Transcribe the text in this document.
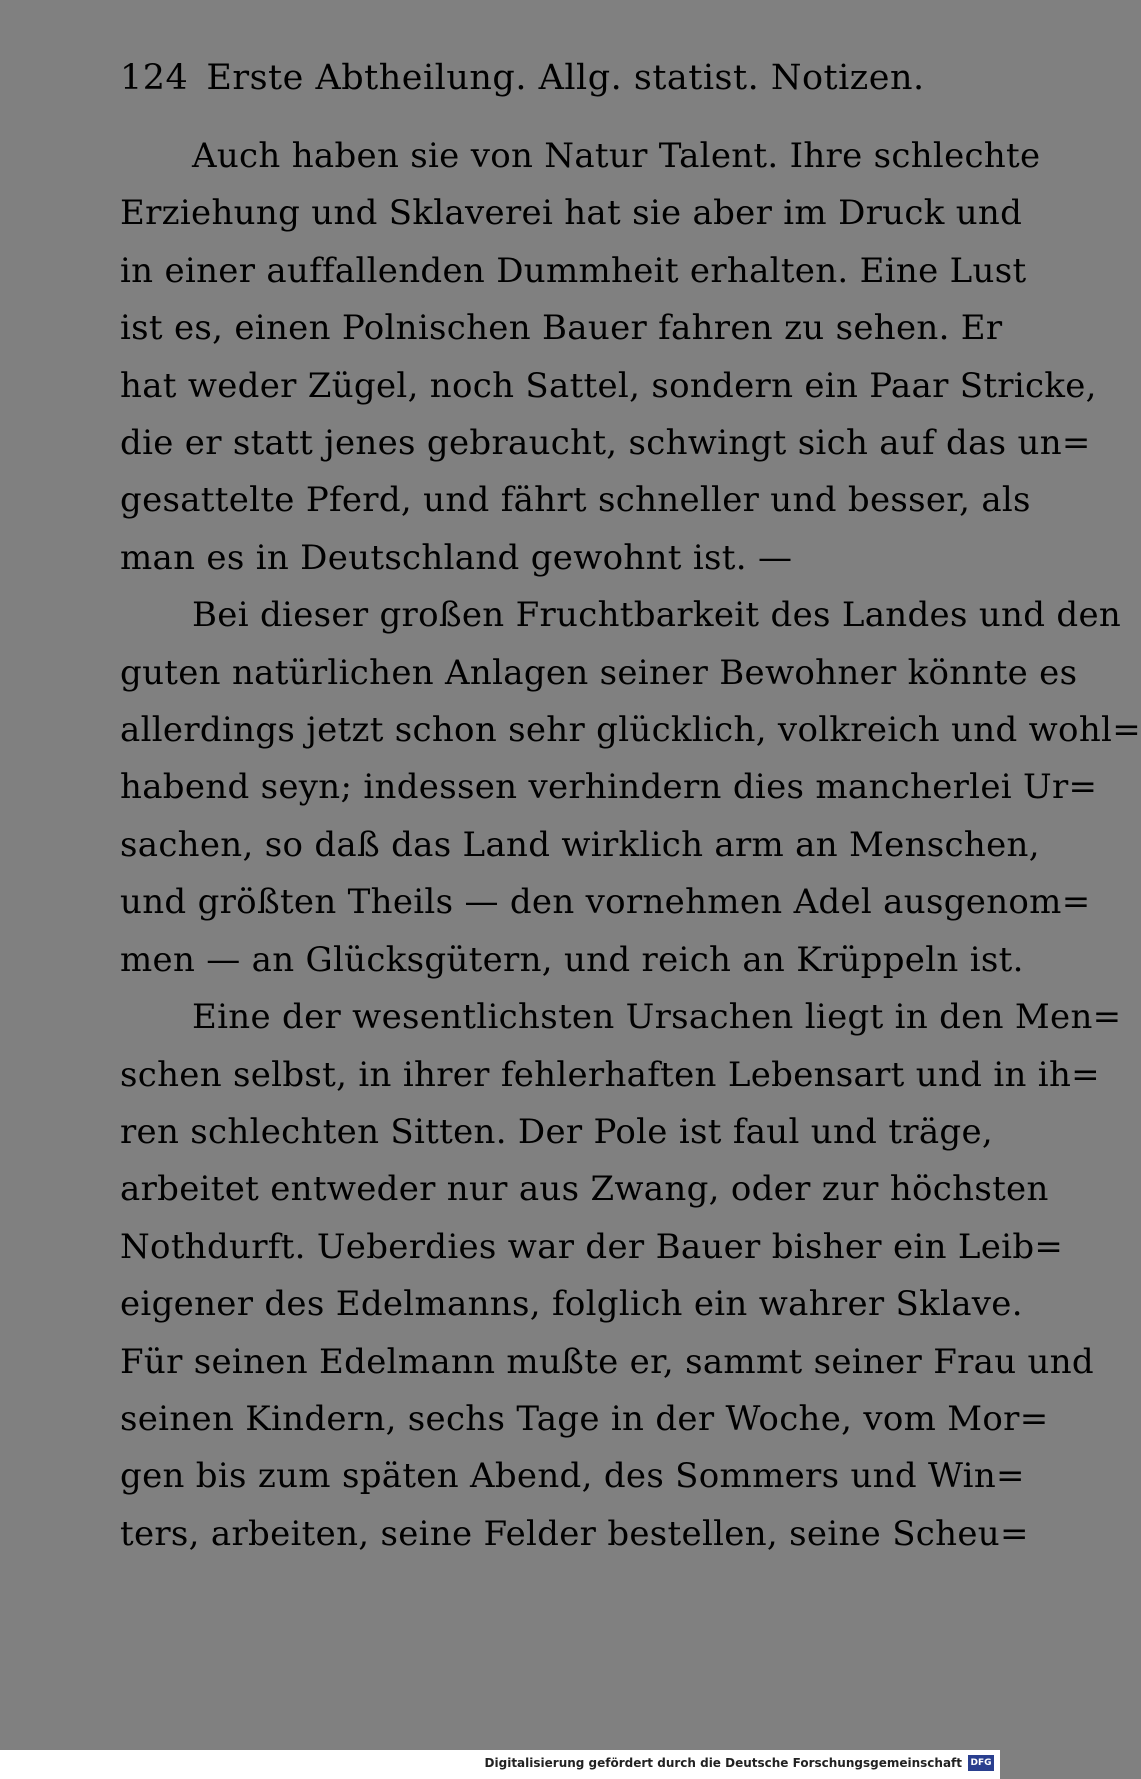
124 Erste Abtheilung. Allg. statist. Notizen.
Auch haben sie von Natur Talent. Ihre schlechte
Erziehung und Sklaverei hat sie aber im Druck und
in einer auffallenden Dummheit erhalten. Eine Lust
ist es, einen Polnischen Bauer fahren zu sehen. Er
hat weder Zügel, noch Sattel, sondern ein Paar Stricke,
die er statt jenes gebraucht, schwingt sich auf das un=
gesattelte Pferd, und fährt schneller und besser, als
man es in Deutschland gewohnt ist. —
Bei dieser großen Fruchtbarkeit des Landes und den
guten natürlichen Anlagen seiner Bewohner könnte es
allerdings jetzt schon sehr glücklich, volkreich und wohl=
habend seyn; indessen verhindern dies mancherlei Ur=
sachen, so daß das Land wirklich arm an Menschen,
und größten Theils — den vornehmen Adel ausgenom=
men — an Glücksgütern, und reich an Krüppeln ist.
Eine der wesentlichsten Ursachen liegt in den Men=
schen selbst, in ihrer fehlerhaften Lebensart und in ih=
ren schlechten Sitten. Der Pole ist faul und träge,
arbeitet entweder nur aus Zwang, oder zur höchsten
Nothdurft. Ueberdies war der Bauer bisher ein Leib=
eigener des Edelmanns, folglich ein wahrer Sklave.
Für seinen Edelmann mußte er, sammt seiner Frau und
seinen Kindern, sechs Tage in der Woche, vom Mor=
gen bis zum späten Abend, des Sommers und Win=
ters, arbeiten, seine Felder bestellen, seine Scheu=
Digitalisierung gefördert durch die Deutsche Forschungsgemeinschaft DFG
